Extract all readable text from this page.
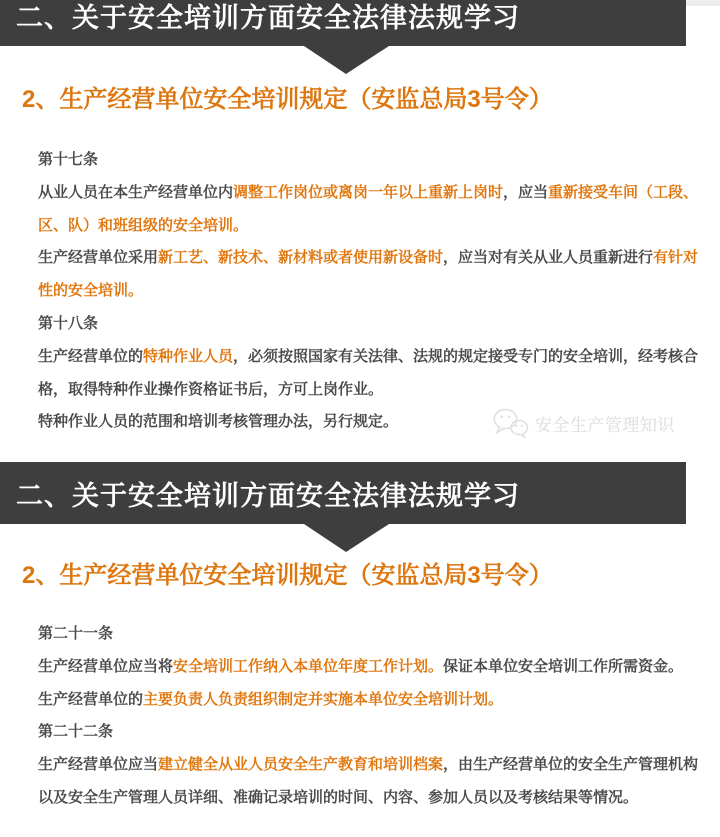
二、关于安全培训方面安全法律法规学习
2、生产经营单位安全培训规定（安监总局3号令）
第十七条
从业人员在本生产经营单位内调整工作岗位或离岗一年以上重新上岗时，应当重新接受车间（工段、
区、队）和班组级的安全培训。
生产经营单位采用新工艺、新技术、新材料或者使用新设备时，应当对有关从业人员重新进行有针对
性的安全培训。
第十八条
生产经营单位的特种作业人员，必须按照国家有关法律、法规的规定接受专门的安全培训，经考核合
格，取得特种作业操作资格证书后，方可上岗作业。
特种作业人员的范围和培训考核管理办法，另行规定。	安全生产管理知识
二、关于安全培训方面安全法律法规学习
2、生产经营单位安全培训规定（安监总局3号令）
第二十一条
生产经营单位应当将安全培训工作纳入本单位年度工作计划。保证本单位安全培训工作所需资金。
生产经营单位的主要负责人负责组织制定并实施本单位安全培训计划。
第二十二条
生产经营单位应当建立健全从业人员安全生产教育和培训档案，由生产经营单位的安全生产管理机构
以及安全生产管理人员详细、准确记录培训的时间、内容、参加人员以及考核结果等情况。
